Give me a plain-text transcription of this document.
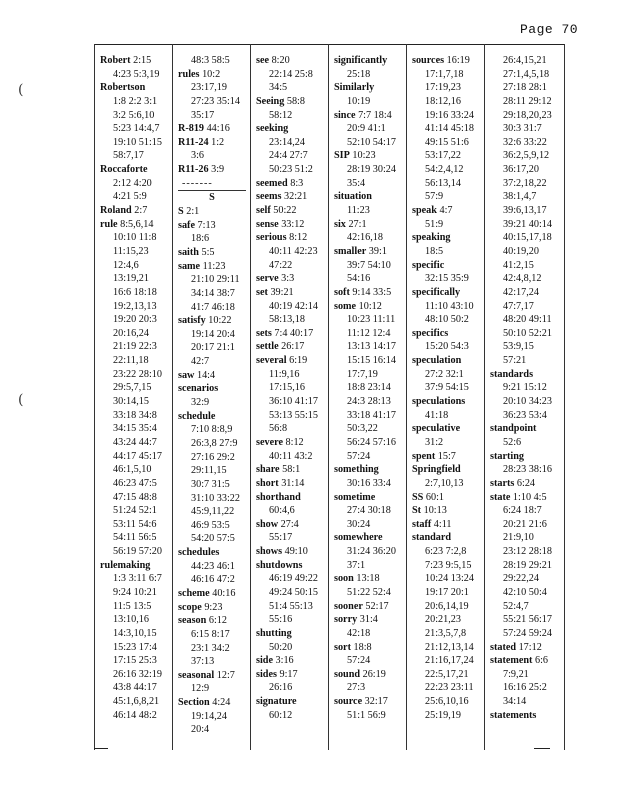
Page 70
Robert 2:15
4:23 5:3,19
Robertson
1:8 2:2 3:1
3:2 5:6,10
5:23 14:4,7
19:10 51:15
58:7,17
Roccaforte
2:12 4:20
4:21 5:9
Roland 2:7
rule 8:5,6,14
10:10 11:8
11:15,23
12:4,6
13:19,21
16:6 18:18
19:2,13,13
19:20 20:3
20:16,24
21:19 22:3
22:11,18
23:22 28:10
29:5,7,15
30:14,15
33:18 34:8
34:15 35:4
43:24 44:7
44:17 45:17
46:1,5,10
46:23 47:5
47:15 48:8
51:24 52:1
53:11 54:6
54:11 56:5
56:19 57:20
rulemaking
1:3 3:11 6:7
9:24 10:21
11:5 13:5
13:10,16
14:3,10,15
15:23 17:4
17:15 25:3
26:16 32:19
43:8 44:17
45:1,6,8,21
46:14 48:2
48:3 58:5
rules 10:2
23:17,19
27:23 35:14
35:17
R-819 44:16
R11-24 1:2
3:6
R11-26 3:9
-------
S
S 2:1
safe 7:13
18:6
saith 5:5
same 11:23
21:10 29:11
34:14 38:7
41:7 46:18
satisfy 10:22
19:14 20:4
20:17 21:1
42:7
saw 14:4
scenarios
32:9
schedule
7:10 8:8,9
26:3,8 27:9
27:16 29:2
29:11,15
30:7 31:5
31:10 33:22
45:9,11,22
46:9 53:5
54:20 57:5
schedules
44:23 46:1
46:16 47:2
scheme 40:16
scope 9:23
season 6:12
6:15 8:17
23:1 34:2
37:13
seasonal 12:7
12:9
Section 4:24
19:14,24
20:4
see 8:20
22:14 25:8
34:5
Seeing 58:8
58:12
seeking
23:14,24
24:4 27:7
50:23 51:2
seemed 8:3
seems 32:21
self 50:22
sense 33:12
serious 8:12
40:11 42:23
47:22
serve 3:3
set 39:21
40:19 42:14
58:13,18
sets 7:4 40:17
settle 26:17
several 6:19
11:9,16
17:15,16
36:10 41:17
53:13 55:15
56:8
severe 8:12
40:11 43:2
share 58:1
short 31:14
shorthand
60:4,6
show 27:4
55:17
shows 49:10
shutdowns
46:19 49:22
49:24 50:15
51:4 55:13
55:16
shutting
50:20
side 3:16
sides 9:17
26:16
signature
60:12
significantly
25:18
Similarly
10:19
since 7:7 18:4
20:9 41:1
52:10 54:17
SIP 10:23
28:19 30:24
35:4
situation
11:23
six 27:1
42:16,18
smaller 39:1
39:7 54:10
54:16
soft 9:14 33:5
some 10:12
10:23 11:11
11:12 12:4
13:13 14:17
15:15 16:14
17:7,19
18:8 23:14
24:3 28:13
33:18 41:17
50:3,22
56:24 57:16
57:24
something
30:16 33:4
sometime
27:4 30:18
30:24
somewhere
31:24 36:20
37:1
soon 13:18
51:22 52:4
sooner 52:17
sorry 31:4
42:18
sort 18:8
57:24
sound 26:19
27:3
source 32:17
51:1 56:9
sources 16:19
17:1,7,18
17:19,23
18:12,16
19:16 33:24
41:14 45:18
49:15 51:6
53:17,22
54:2,4,12
56:13,14
57:9
speak 4:7
51:9
speaking
18:5
specific
32:15 35:9
specifically
11:10 43:10
48:10 50:2
specifics
15:20 54:3
speculation
27:2 32:1
37:9 54:15
speculations
41:18
speculative
31:2
spent 15:7
Springfield
2:7,10,13
SS 60:1
St 10:13
staff 4:11
standard
6:23 7:2,8
7:23 9:5,15
10:24 13:24
19:17 20:1
20:6,14,19
20:21,23
21:3,5,7,8
21:12,13,14
21:16,17,24
22:5,17,21
22:23 23:11
25:6,10,16
25:19,19
26:4,15,21
27:1,4,5,18
27:18 28:1
28:11 29:12
29:18,20,23
30:3 31:7
32:6 33:22
36:2,5,9,12
36:17,20
37:2,18,22
38:1,4,7
39:6,13,17
39:21 40:14
40:15,17,18
40:19,20
41:2,15
42:4,8,12
42:17,24
47:7,17
48:20 49:11
50:10 52:21
53:9,15
57:21
standards
9:21 15:12
20:10 34:23
36:23 53:4
standpoint
52:6
starting
28:23 38:16
starts 6:24
state 1:10 4:5
6:24 18:7
20:21 21:6
21:9,10
23:12 28:18
28:19 29:21
29:22,24
42:10 50:4
52:4,7
55:21 56:17
57:24 59:24
stated 17:12
statement 6:6
7:9,21
16:16 25:2
34:14
statements
(
(
